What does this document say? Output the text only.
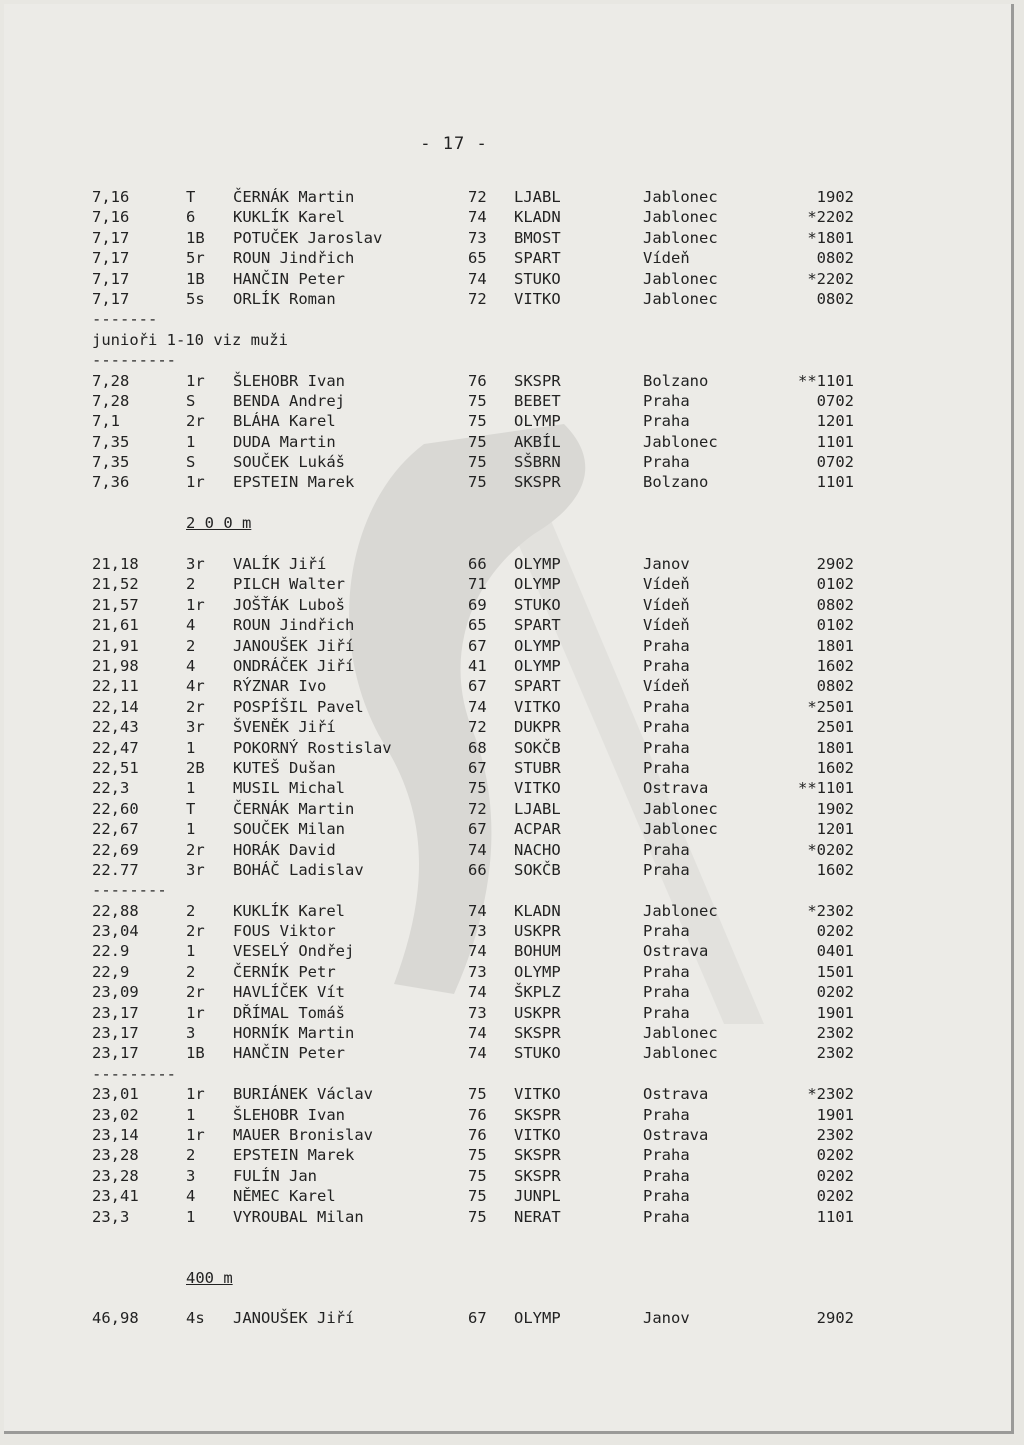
- 17 -
7,16	T ČERNÁK Martin	72 LJABL	Jablonec	1902
7,16	6 KUKLÍK Karel	74 KLADN	Jablonec	*2202
7,17	1B POTUČEK Jaroslav	73 BMOST	Jablonec	*1801
7,17	5r ROUN Jindřich	65 SPART	Vídeň	0802
7,17	1B HANČIN Peter	74 STUKO	Jablonec	*2202
7,17	5s ORLÍK Roman	72 VITKO	Jablonec	0802
-------
junioři 1-10 viz muži
---------
7,28	1r ŠLEHOBR Ivan	76 SKSPR	Bolzano	**1101
7,28	S BENDA Andrej	75 BEBET	Praha	0702
7,1	2r BLÁHA Karel	75 OLYMP	Praha	1201
7,35	1 DUDA Martin	75 AKBÍL	Jablonec	1101
7,35	S SOUČEK Lukáš	75 SŠBRN	Praha	0702
7,36	1r EPSTEIN Marek	75 SKSPR	Bolzano	1101
2 0 0 m
21,18	3r VALÍK Jiří	66 OLYMP	Janov	2902
21,52	2 PILCH Walter	71 OLYMP	Vídeň	0102
21,57	1r JOŠŤÁK Luboš	69 STUKO	Vídeň	0802
21,61	4 ROUN Jindřich	65 SPART	Vídeň	0102
21,91	2 JANOUŠEK Jiří	67 OLYMP	Praha	1801
21,98	4 ONDRÁČEK Jiří	41 OLYMP	Praha	1602
22,11	4r RÝZNAR Ivo	67 SPART	Vídeň	0802
22,14	2r POSPÍŠIL Pavel	74 VITKO	Praha	*2501
22,43	3r ŠVENĚK Jiří	72 DUKPR	Praha	2501
22,47	1 POKORNÝ Rostislav	68 SOKČB	Praha	1801
22,51	2B KUTEŠ Dušan	67 STUBR	Praha	1602
22,3	1 MUSIL Michal	75 VITKO	Ostrava	**1101
22,60	T ČERNÁK Martin	72 LJABL	Jablonec	1902
22,67	1 SOUČEK Milan	67 ACPAR	Jablonec	1201
22,69	2r HORÁK David	74 NACHO	Praha	*0202
22.77	3r BOHÁČ Ladislav	66 SOKČB	Praha	1602
--------
22,88	2 KUKLÍK Karel	74 KLADN	Jablonec	*2302
23,04	2r FOUS Viktor	73 USKPR	Praha	0202
22.9	1 VESELÝ Ondřej	74 BOHUM	Ostrava	0401
22,9	2 ČERNÍK Petr	73 OLYMP	Praha	1501
23,09	2r HAVLÍČEK Vít	74 ŠKPLZ	Praha	0202
23,17	1r DŘÍMAL Tomáš	73 USKPR	Praha	1901
23,17	3 HORNÍK Martin	74 SKSPR	Jablonec	2302
23,17	1B HANČIN Peter	74 STUKO	Jablonec	2302
---------
23,01	1r BURIÁNEK Václav	75 VITKO	Ostrava	*2302
23,02	1 ŠLEHOBR Ivan	76 SKSPR	Praha	1901
23,14	1r MAUER Bronislav	76 VITKO	Ostrava	2302
23,28	2 EPSTEIN Marek	75 SKSPR	Praha	0202
23,28	3 FULÍN Jan	75 SKSPR	Praha	0202
23,41	4 NĚMEC Karel	75 JUNPL	Praha	0202
23,3	1 VYROUBAL Milan	75 NERAT	Praha	1101
400 m
46,98	4s JANOUŠEK Jiří	67 OLYMP	Janov	2902
